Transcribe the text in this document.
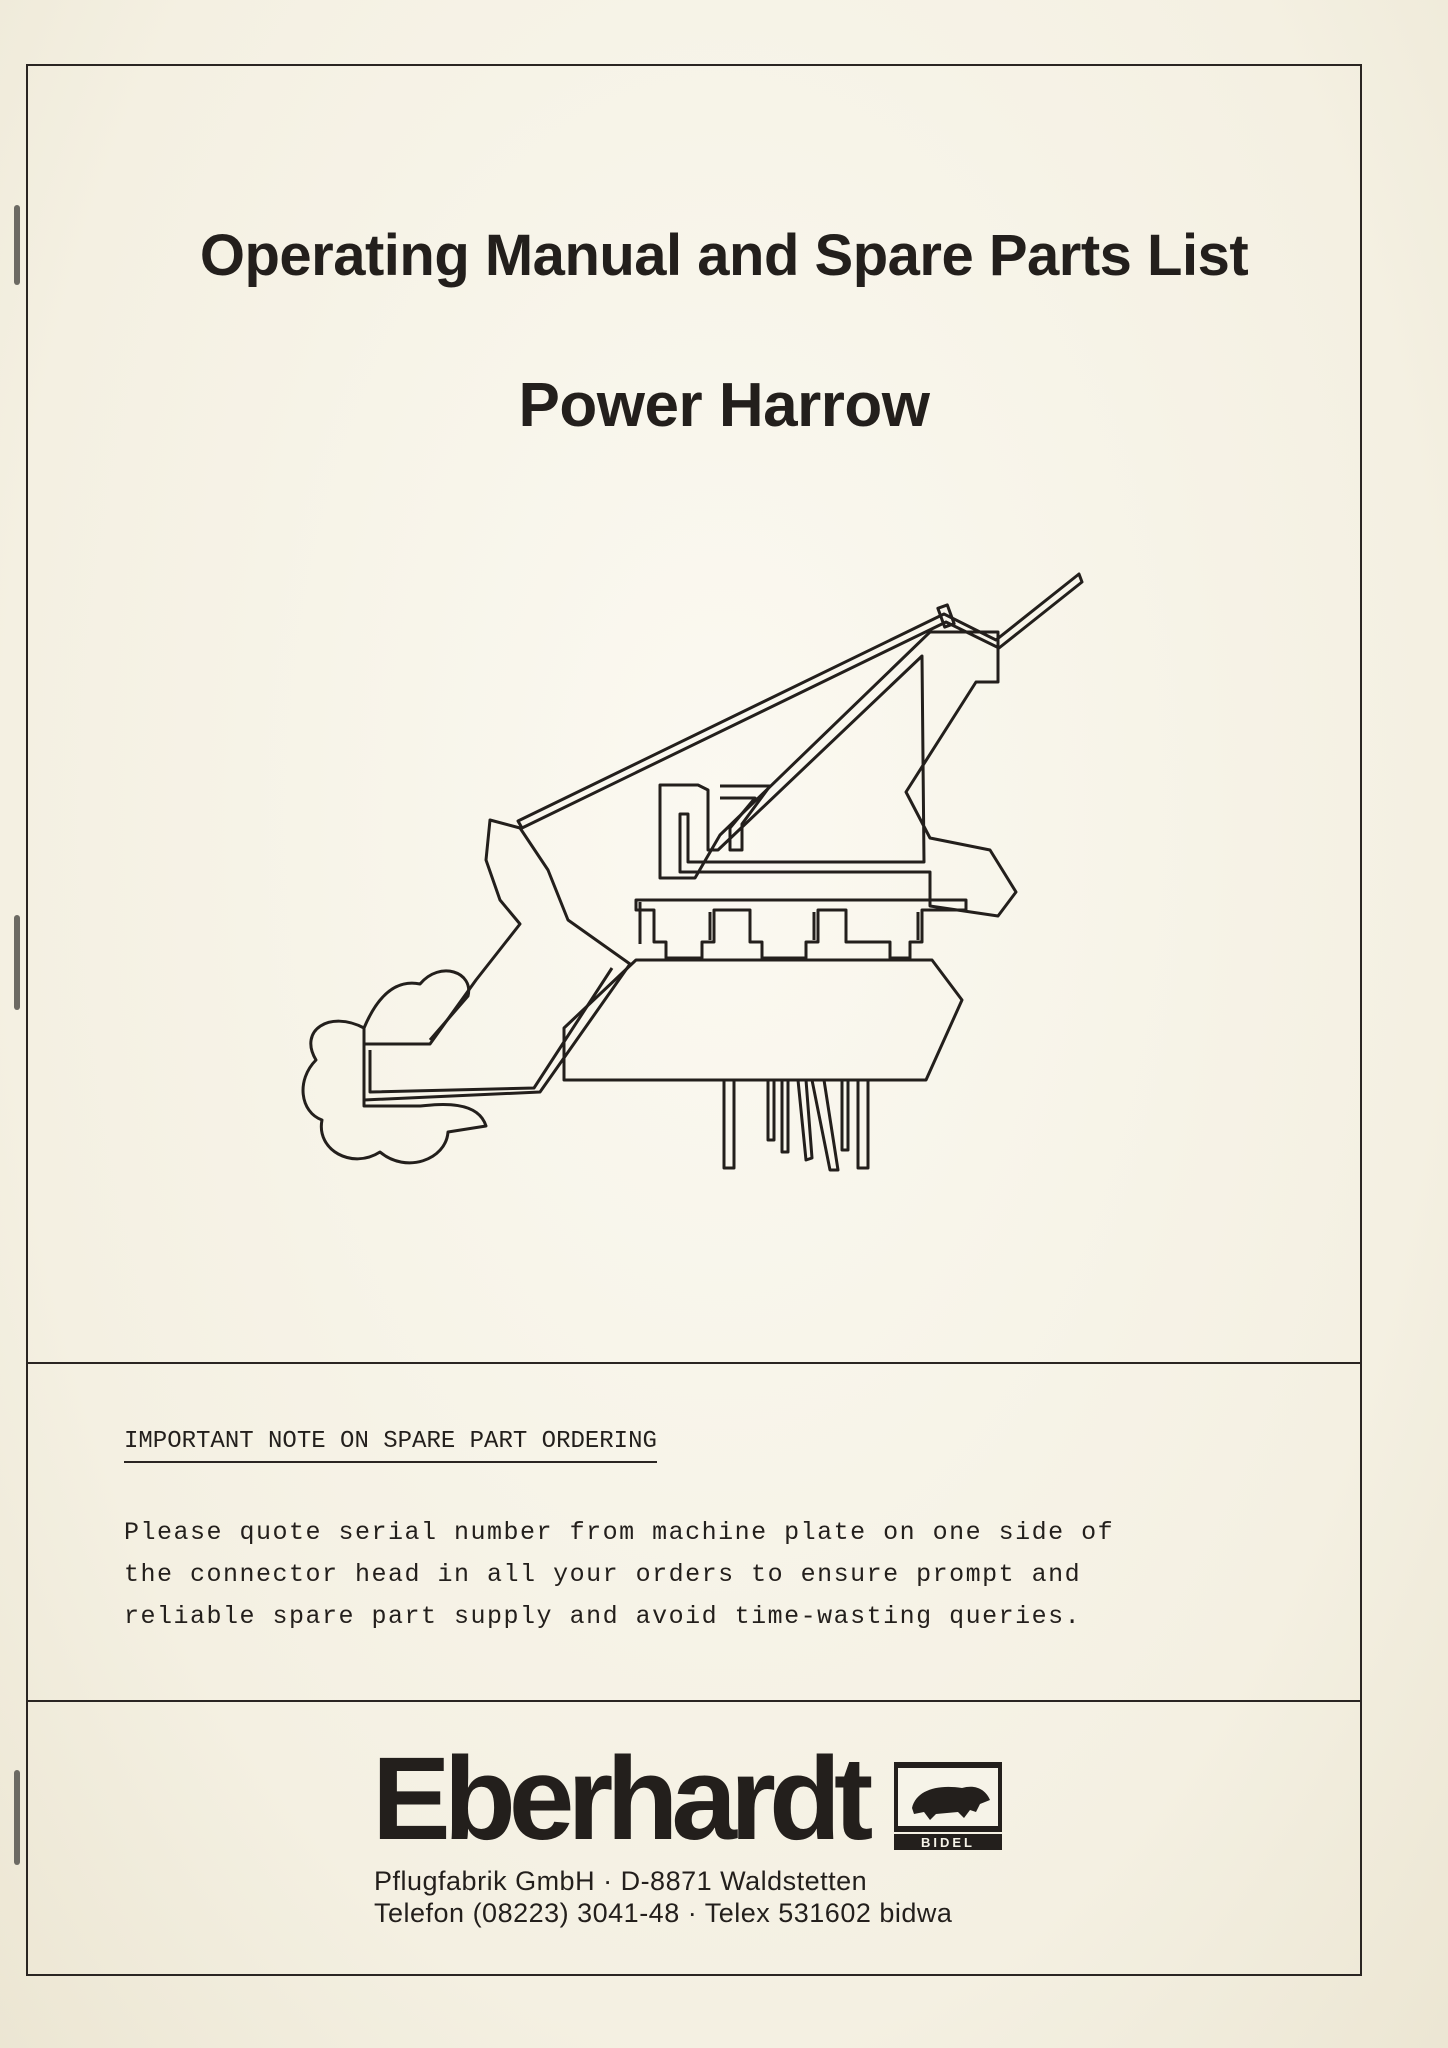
Operating Manual and Spare Parts List
Power Harrow
IMPORTANT NOTE ON SPARE PART ORDERING
Please quote serial number from machine plate on one side of
the connector head in all your orders to ensure prompt and
reliable spare part supply and avoid time-wasting queries.
Eberhardt	BIDEL
Pflugfabrik GmbH · D-8871 Waldstetten
Telefon (08223) 3041-48 · Telex 531602 bidwa
